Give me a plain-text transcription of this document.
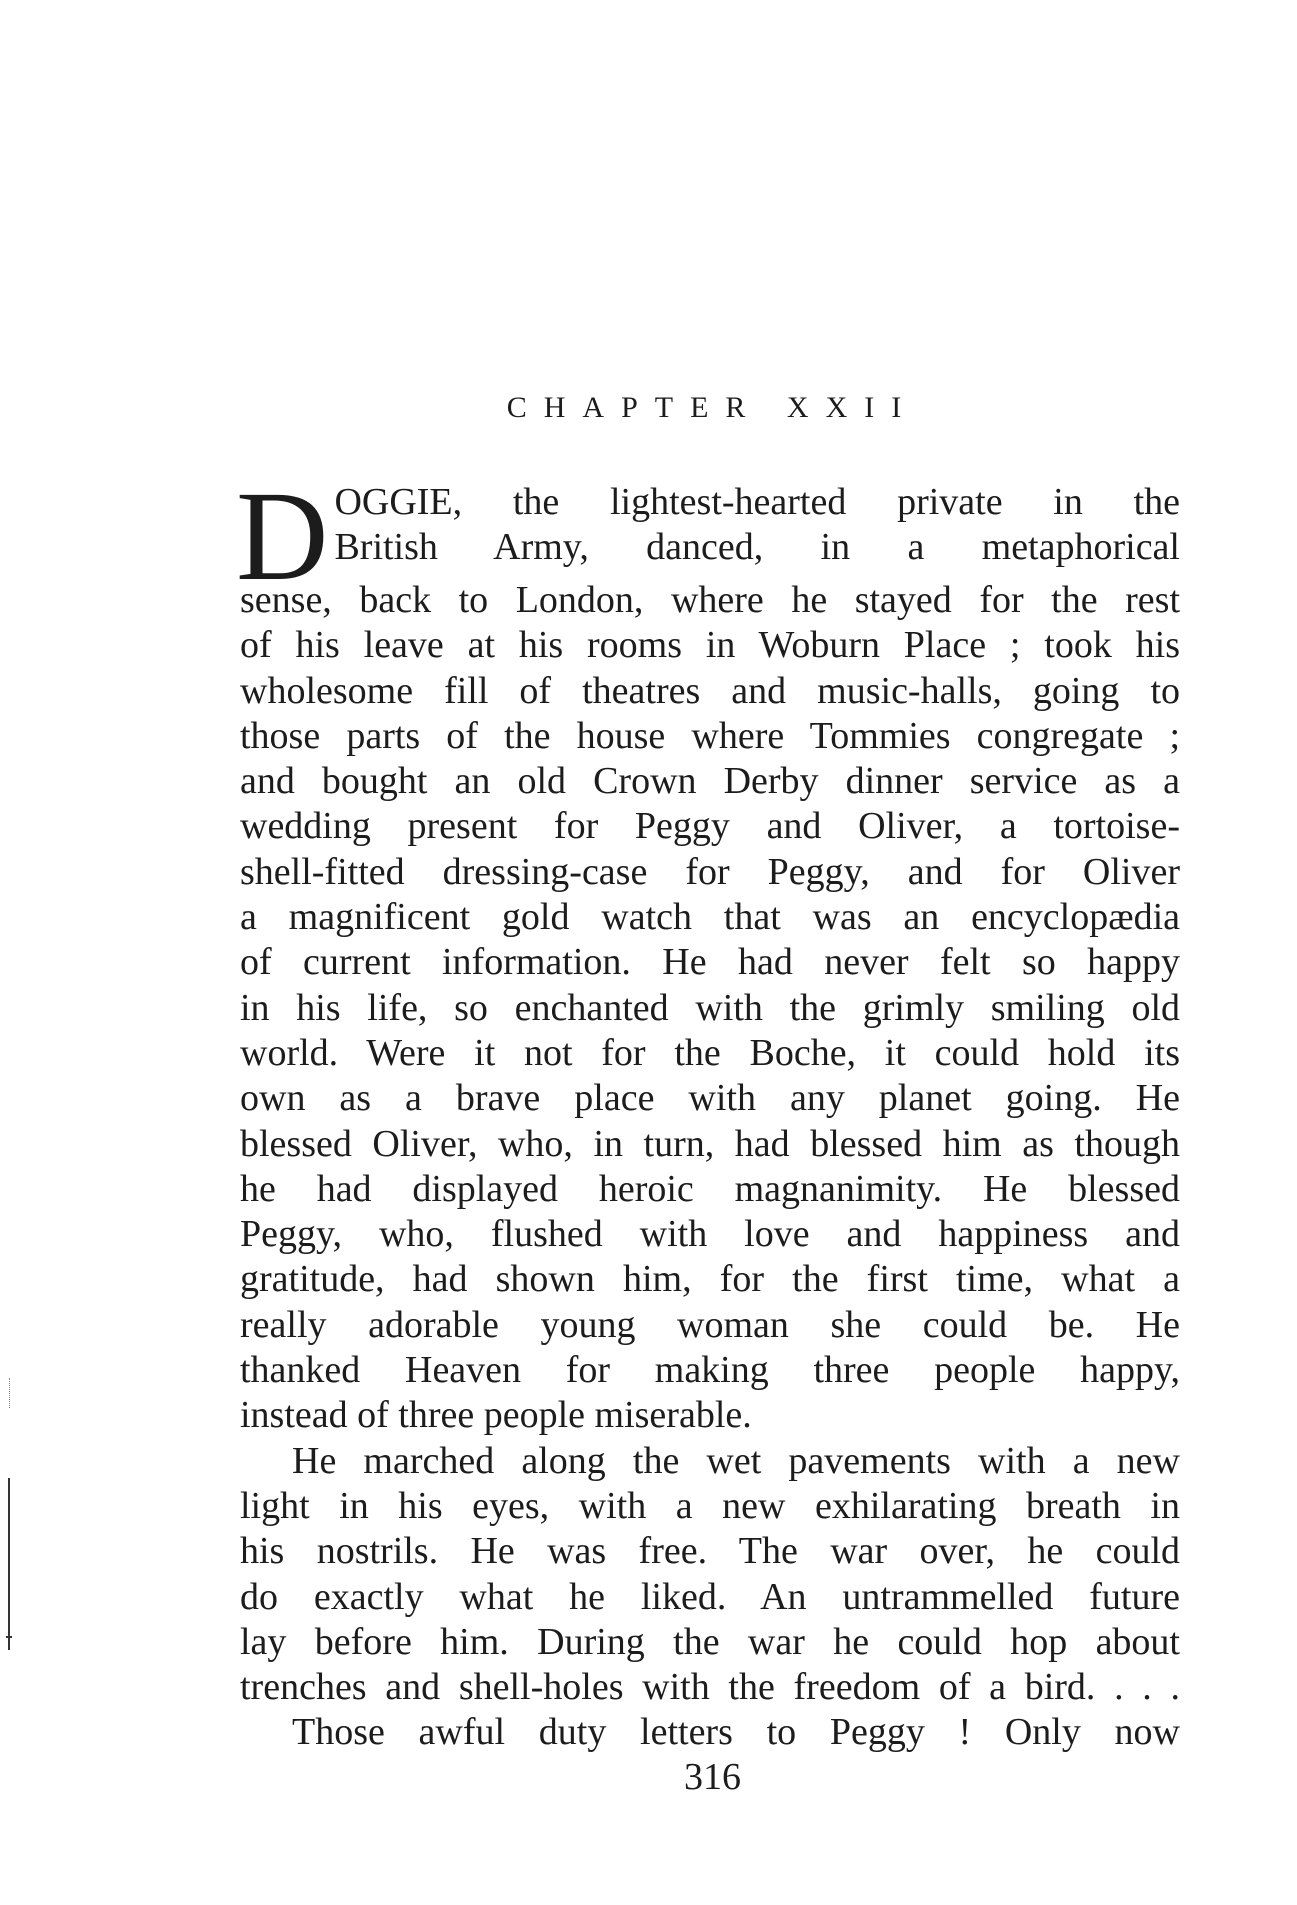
CHAPTER XXII
D OGGIE, the lightest-hearted private in the
British Army, danced, in a metaphorical
sense, back to London, where he stayed for the rest
of his leave at his rooms in Woburn Place ; took his
wholesome fill of theatres and music-halls, going to
those parts of the house where Tommies congregate ;
and bought an old Crown Derby dinner service as a
wedding present for Peggy and Oliver, a tortoise-
shell-fitted dressing-case for Peggy, and for Oliver
a magnificent gold watch that was an encyclopædia
of current information. He had never felt so happy
in his life, so enchanted with the grimly smiling old
world. Were it not for the Boche, it could hold its
own as a brave place with any planet going. He
blessed Oliver, who, in turn, had blessed him as though
he had displayed heroic magnanimity. He blessed
Peggy, who, flushed with love and happiness and
gratitude, had shown him, for the first time, what a
really adorable young woman she could be. He
thanked Heaven for making three people happy,
instead of three people miserable.
He marched along the wet pavements with a new
light in his eyes, with a new exhilarating breath in
his nostrils. He was free. The war over, he could
do exactly what he liked. An untrammelled future
lay before him. During the war he could hop about
trenches and shell-holes with the freedom of a bird. . . .
Those awful duty letters to Peggy ! Only now
316
